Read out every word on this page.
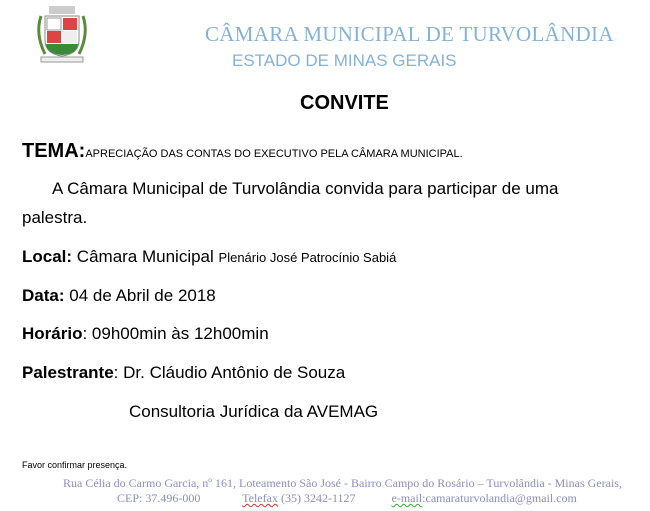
CÂMARA MUNICIPAL DE TURVOLÂNDIA
ESTADO DE MINAS GERAIS
CONVITE
TEMA:APRECIAÇÃO DAS CONTAS DO EXECUTIVO PELA CÂMARA MUNICIPAL.
A Câmara Municipal de Turvolândia convida para participar de uma
palestra.
Local: Câmara Municipal Plenário José Patrocínio Sabiá
Data: 04 de Abril de 2018
Horário: 09h00min às 12h00min
Palestrante: Dr. Cláudio Antônio de Souza
Consultoria Jurídica da AVEMAG
Favor confirmar presença.
Rua Célia do Carmo Garcia, nº 161, Loteamento São José - Bairro Campo do Rosário – Turvolândia - Minas Gerais,
CEP: 37.496-000	Telefax (35) 3242-1127	e-mail:camaraturvolandia@gmail.com
